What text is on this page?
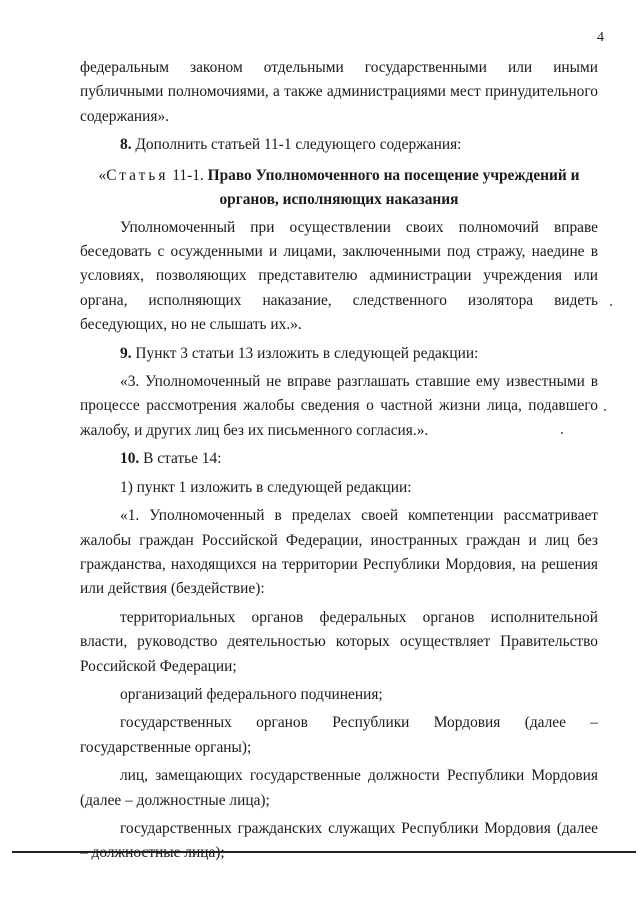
4

федеральным законом отдельными государственными или иными публичными полномочиями, а также администрациями мест принудительного содержания».

8. Дополнить статьей 11-1 следующего содержания:

«Статья 11-1. Право Уполномоченного на посещение учреждений и органов, исполняющих наказания

Уполномоченный при осуществлении своих полномочий вправе беседовать с осужденными и лицами, заключенными под стражу, наедине в условиях, позволяющих представителю администрации учреждения или органа, исполняющих наказание, следственного изолятора видеть беседующих, но не слышать их.».

9. Пункт 3 статьи 13 изложить в следующей редакции:

«3. Уполномоченный не вправе разглашать ставшие ему известными в процессе рассмотрения жалобы сведения о частной жизни лица, подавшего жалобу, и других лиц без их письменного согласия.».

10. В статье 14:

1) пункт 1 изложить в следующей редакции:

«1. Уполномоченный в пределах своей компетенции рассматривает жалобы граждан Российской Федерации, иностранных граждан и лиц без гражданства, находящихся на территории Республики Мордовия, на решения или действия (бездействие):

территориальных органов федеральных органов исполнительной власти, руководство деятельностью которых осуществляет Правительство Российской Федерации;

организаций федерального подчинения;

государственных органов Республики Мордовия (далее – государственные органы);

лиц, замещающих государственные должности Республики Мордовия (далее – должностные лица);

государственных гражданских служащих Республики Мордовия (далее – должностные лица);
